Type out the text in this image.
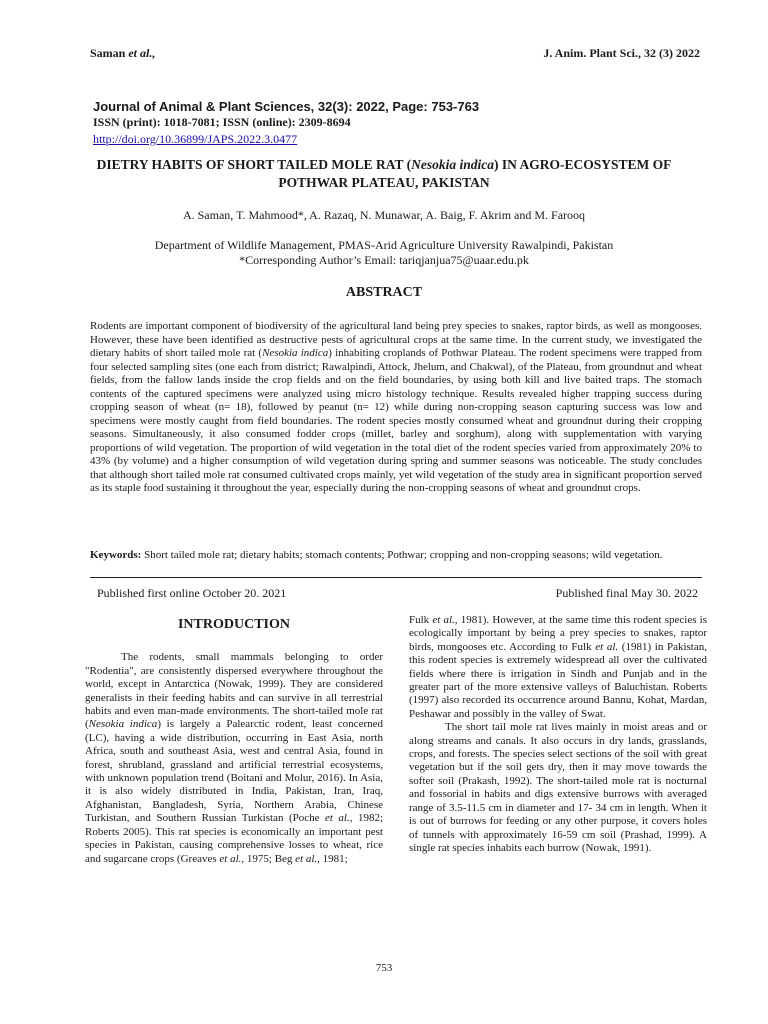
Saman et al.,	J. Anim. Plant Sci., 32 (3) 2022

Journal of Animal & Plant Sciences, 32(3): 2022, Page: 753-763

ISSN (print): 1018-7081; ISSN (online): 2309-8694

http://doi.org/10.36899/JAPS.2022.3.0477
DIETRY HABITS OF SHORT TAILED MOLE RAT (Nesokia indica) IN AGRO-ECOSYSTEM OF POTHWAR PLATEAU, PAKISTAN

A. Saman, T. Mahmood*, A. Razaq, N. Munawar, A. Baig, F. Akrim and M. Farooq

Department of Wildlife Management, PMAS-Arid Agriculture University Rawalpindi, Pakistan
*Corresponding Author’s Email: tariqjanjua75@uaar.edu.pk
ABSTRACT

Rodents are important component of biodiversity of the agricultural land being prey species to snakes, raptor birds, as well as mongooses. However, these have been identified as destructive pests of agricultural crops at the same time. In the current study, we investigated the dietary habits of short tailed mole rat (Nesokia indica) inhabiting croplands of Pothwar Plateau. The rodent specimens were trapped from four selected sampling sites (one each from district; Rawalpindi, Attock, Jhelum, and Chakwal), of the Plateau, from groundnut and wheat fields, from the fallow lands inside the crop fields and on the field boundaries, by using both kill and live baited traps. The stomach contents of the captured specimens were analyzed using micro histology technique. Results revealed higher trapping success during cropping season of wheat (n= 18), followed by peanut (n= 12) while during non-cropping season capturing success was low and specimens were mostly caught from field boundaries. The rodent species mostly consumed wheat and groundnut during their cropping seasons. Simultaneously, it also consumed fodder crops (millet, barley and sorghum), along with supplementation with varying proportions of wild vegetation. The proportion of wild vegetation in the total diet of the rodent species varied from approximately 20% to 43% (by volume) and a higher consumption of wild vegetation during spring and summer seasons was noticeable. The study concludes that although short tailed mole rat consumed cultivated crops mainly, yet wild vegetation of the study area in significant proportion served as its staple food sustaining it throughout the year, especially during the non-cropping seasons of wheat and groundnut crops.

Keywords: Short tailed mole rat; dietary habits; stomach contents; Pothwar; cropping and non-cropping seasons; wild vegetation.

Published first online October 20. 2021	Published final May 30. 2022

INTRODUCTION

The rodents, small mammals belonging to order "Rodentia", are consistently dispersed everywhere throughout the world, except in Antarctica (Nowak, 1999). They are considered generalists in their feeding habits and can survive in all terrestrial habits and even man-made environments. The short-tailed mole rat (Nesokia indica) is largely a Palearctic rodent, least concerned (LC), having a wide distribution, occurring in East Asia, north Africa, south and southeast Asia, west and central Asia, found in forest, shrubland, grassland and artificial terrestrial ecosystems, with unknown population trend (Boitani and Molur, 2016). In Asia, it is also widely distributed in India, Pakistan, Iran, Iraq, Afghanistan, Bangladesh, Syria, Northern Arabia, Chinese Turkistan, and Southern Russian Turkistan (Poche et al., 1982; Roberts 2005). This rat species is economically an important pest species in Pakistan, causing comprehensive losses to wheat, rice and sugarcane crops (Greaves et al., 1975; Beg et al., 1981;

Fulk et al., 1981). However, at the same time this rodent species is ecologically important by being a prey species to snakes, raptor birds, mongooses etc. According to Fulk et al. (1981) in Pakistan, this rodent species is extremely widespread all over the cultivated fields where there is irrigation in Sindh and Punjab and in the greater part of the more extensive valleys of Baluchistan. Roberts (1997) also recorded its occurrence around Bannu, Kohat, Mardan, Peshawar and possibly in the valley of Swat.

The short tail mole rat lives mainly in moist areas and or along streams and canals. It also occurs in dry lands, grasslands, crops, and forests. The species select sections of the soil with great vegetation but if the soil gets dry, then it may move towards the softer soil (Prakash, 1992). The short-tailed mole rat is nocturnal and fossorial in habits and digs extensive burrows with averaged range of 3.5-11.5 cm in diameter and 17- 34 cm in length. When it is out of burrows for feeding or any other purpose, it covers holes of tunnels with approximately 16-59 cm soil (Prashad, 1999). A single rat species inhabits each burrow (Nowak, 1991).

753
